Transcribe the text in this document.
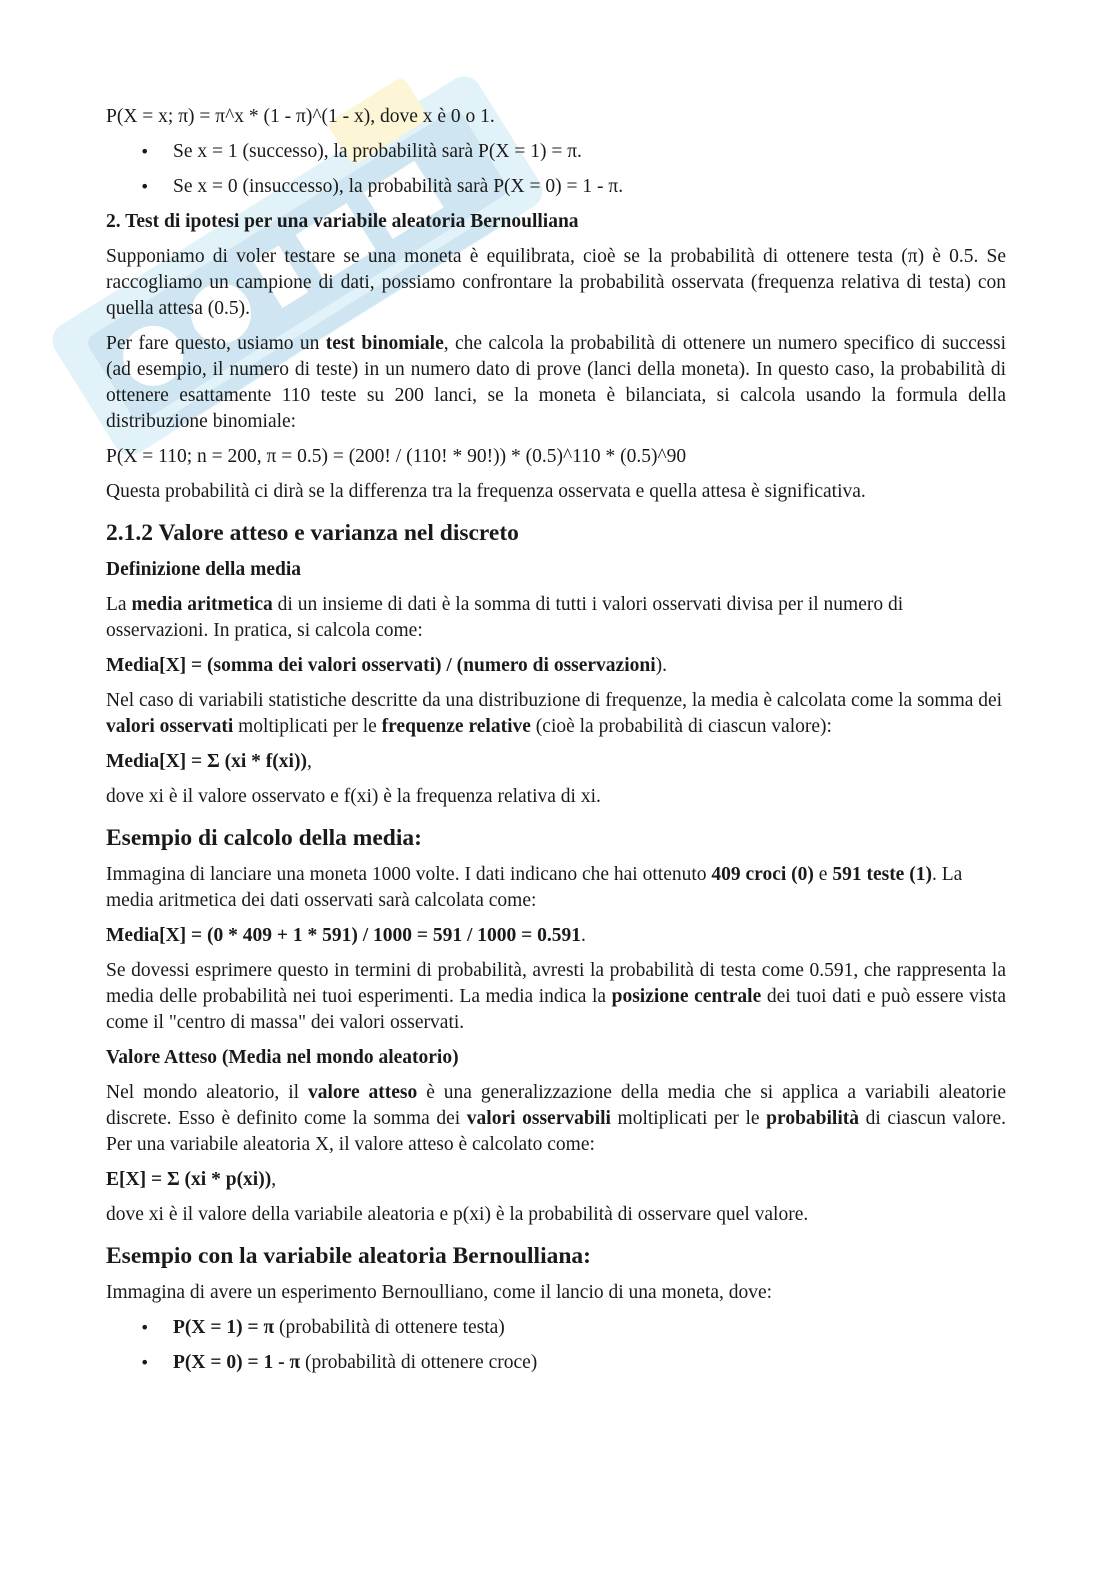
P(X = x; π) = π^x * (1 - π)^(1 - x), dove x è 0 o 1.

• Se x = 1 (successo), la probabilità sarà P(X = 1) = π.
• Se x = 0 (insuccesso), la probabilità sarà P(X = 0) = 1 - π.
2. Test di ipotesi per una variabile aleatoria Bernoulliana

Supponiamo di voler testare se una moneta è equilibrata, cioè se la probabilità di ottenere testa (π) è 0.5. Se raccogliamo un campione di dati, possiamo confrontare la probabilità osservata (frequenza relativa di testa) con quella attesa (0.5).

Per fare questo, usiamo un test binomiale, che calcola la probabilità di ottenere un numero specifico di successi (ad esempio, il numero di teste) in un numero dato di prove (lanci della moneta). In questo caso, la probabilità di ottenere esattamente 110 teste su 200 lanci, se la moneta è bilanciata, si calcola usando la formula della distribuzione binomiale:

P(X = 110; n = 200, π = 0.5) = (200! / (110! * 90!)) * (0.5)^110 * (0.5)^90

Questa probabilità ci dirà se la differenza tra la frequenza osservata e quella attesa è significativa.

2.1.2 Valore atteso e varianza nel discreto
Definizione della media

La media aritmetica di un insieme di dati è la somma di tutti i valori osservati divisa per il numero di osservazioni. In pratica, si calcola come:

Media[X] = (somma dei valori osservati) / (numero di osservazioni).

Nel caso di variabili statistiche descritte da una distribuzione di frequenze, la media è calcolata come la somma dei valori osservati moltiplicati per le frequenze relative (cioè la probabilità di ciascun valore):

Media[X] = Σ (xi * f(xi)),

dove xi è il valore osservato e f(xi) è la frequenza relativa di xi.

Esempio di calcolo della media:

Immagina di lanciare una moneta 1000 volte. I dati indicano che hai ottenuto 409 croci (0) e 591 teste (1). La media aritmetica dei dati osservati sarà calcolata come:

Media[X] = (0 * 409 + 1 * 591) / 1000 = 591 / 1000 = 0.591.

Se dovessi esprimere questo in termini di probabilità, avresti la probabilità di testa come 0.591, che rappresenta la media delle probabilità nei tuoi esperimenti. La media indica la posizione centrale dei tuoi dati e può essere vista come il "centro di massa" dei valori osservati.

Valore Atteso (Media nel mondo aleatorio)

Nel mondo aleatorio, il valore atteso è una generalizzazione della media che si applica a variabili aleatorie discrete. Esso è definito come la somma dei valori osservabili moltiplicati per le probabilità di ciascun valore. Per una variabile aleatoria X, il valore atteso è calcolato come:

E[X] = Σ (xi * p(xi)),

dove xi è il valore della variabile aleatoria e p(xi) è la probabilità di osservare quel valore.

Esempio con la variabile aleatoria Bernoulliana:

Immagina di avere un esperimento Bernoulliano, come il lancio di una moneta, dove:

• P(X = 1) = π (probabilità di ottenere testa)
• P(X = 0) = 1 - π (probabilità di ottenere croce)
